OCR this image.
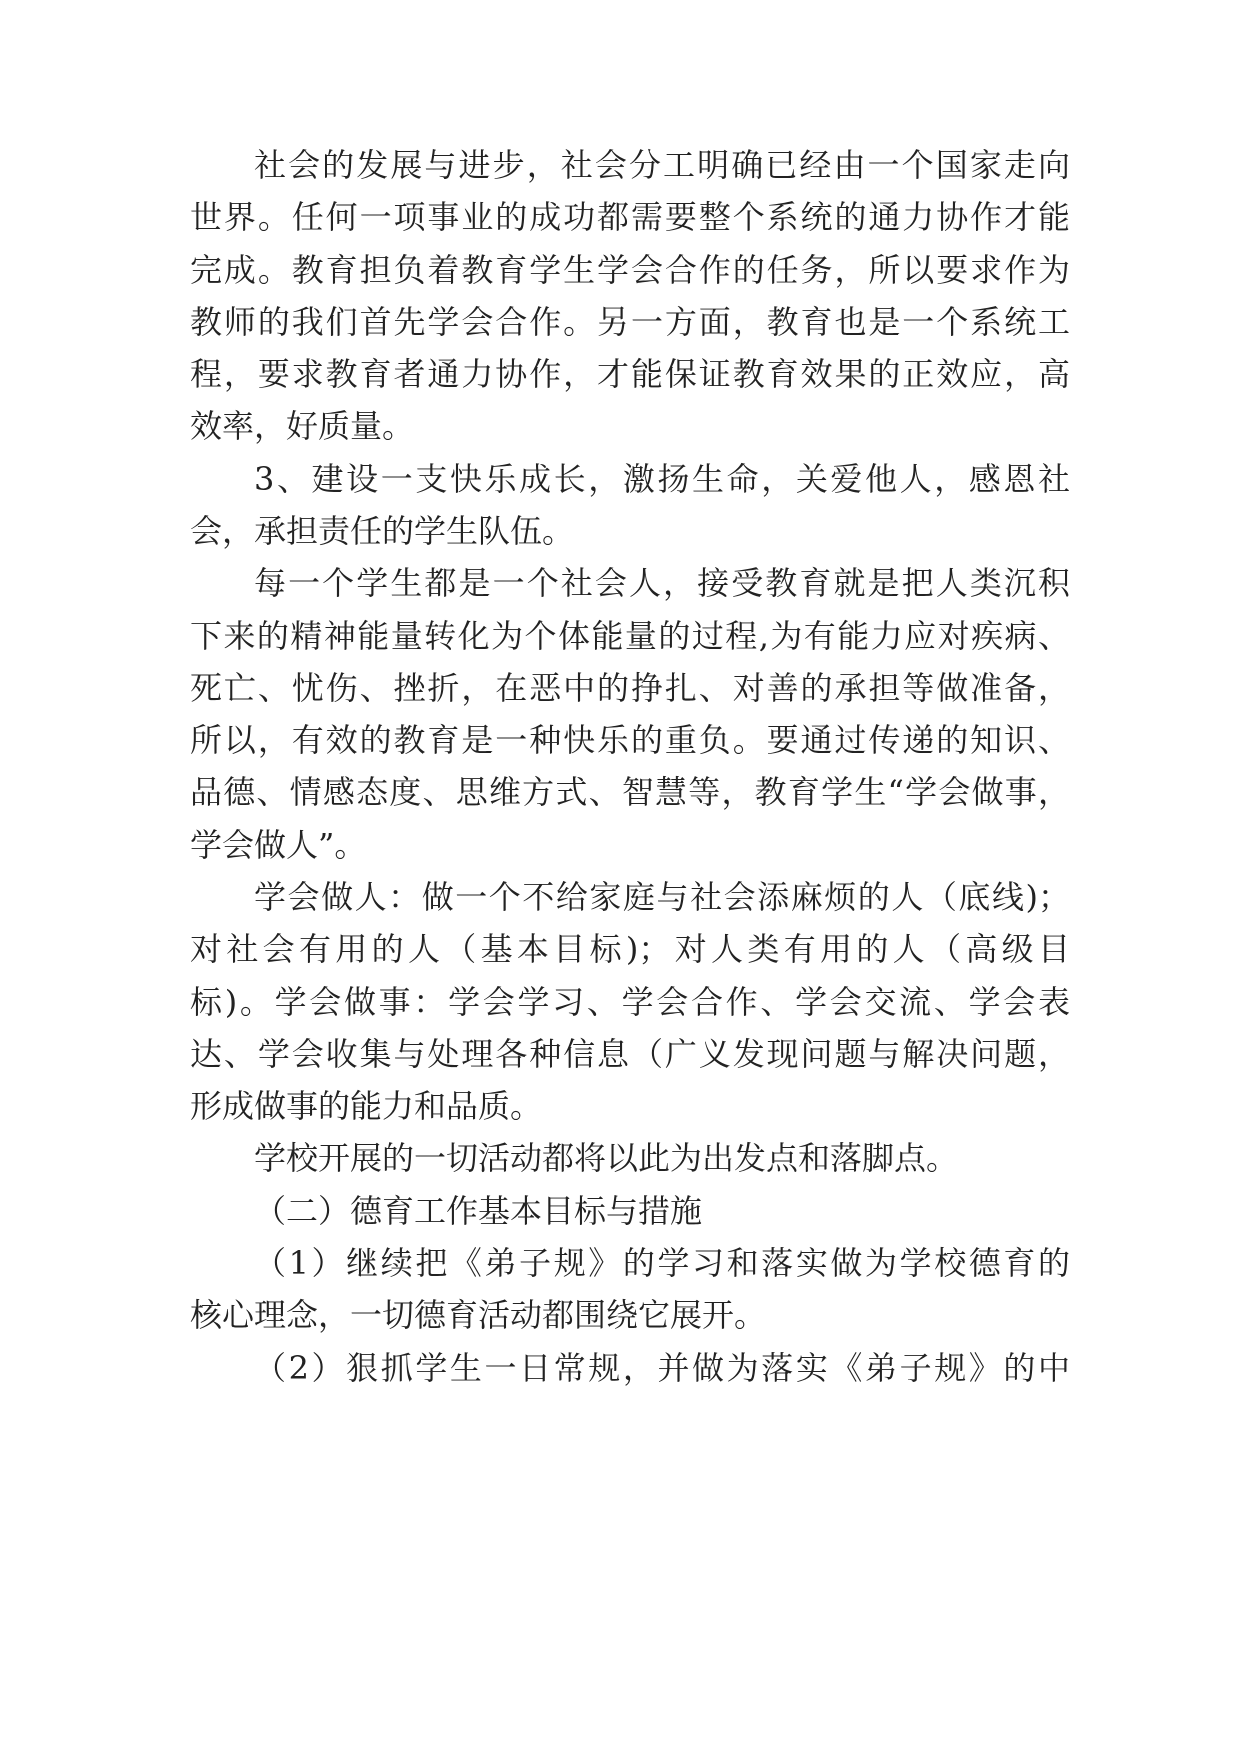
社会的发展与进步，社会分工明确已经由一个国家走向
世界。任何一项事业的成功都需要整个系统的通力协作才能
完成。教育担负着教育学生学会合作的任务，所以要求作为
教师的我们首先学会合作。另一方面，教育也是一个系统工
程，要求教育者通力协作，才能保证教育效果的正效应，高
效率，好质量。
3、建设一支快乐成长，激扬生命，关爱他人，感恩社
会，承担责任的学生队伍。
每一个学生都是一个社会人，接受教育就是把人类沉积
下来的精神能量转化为个体能量的过程,为有能力应对疾病、
死亡、忧伤、挫折，在恶中的挣扎、对善的承担等做准备，
所以，有效的教育是一种快乐的重负。要通过传递的知识、
品德、情感态度、思维方式、智慧等，教育学生“学会做事，
学会做人”。
学会做人：做一个不给家庭与社会添麻烦的人（底线)；
对社会有用的人（基本目标)；对人类有用的人（高级目
标)。学会做事：学会学习、学会合作、学会交流、学会表
达、学会收集与处理各种信息（广义发现问题与解决问题，
形成做事的能力和品质。
学校开展的一切活动都将以此为出发点和落脚点。
（二）德育工作基本目标与措施
（1）继续把《弟子规》的学习和落实做为学校德育的
核心理念，一切德育活动都围绕它展开。
（2）狠抓学生一日常规，并做为落实《弟子规》的中
